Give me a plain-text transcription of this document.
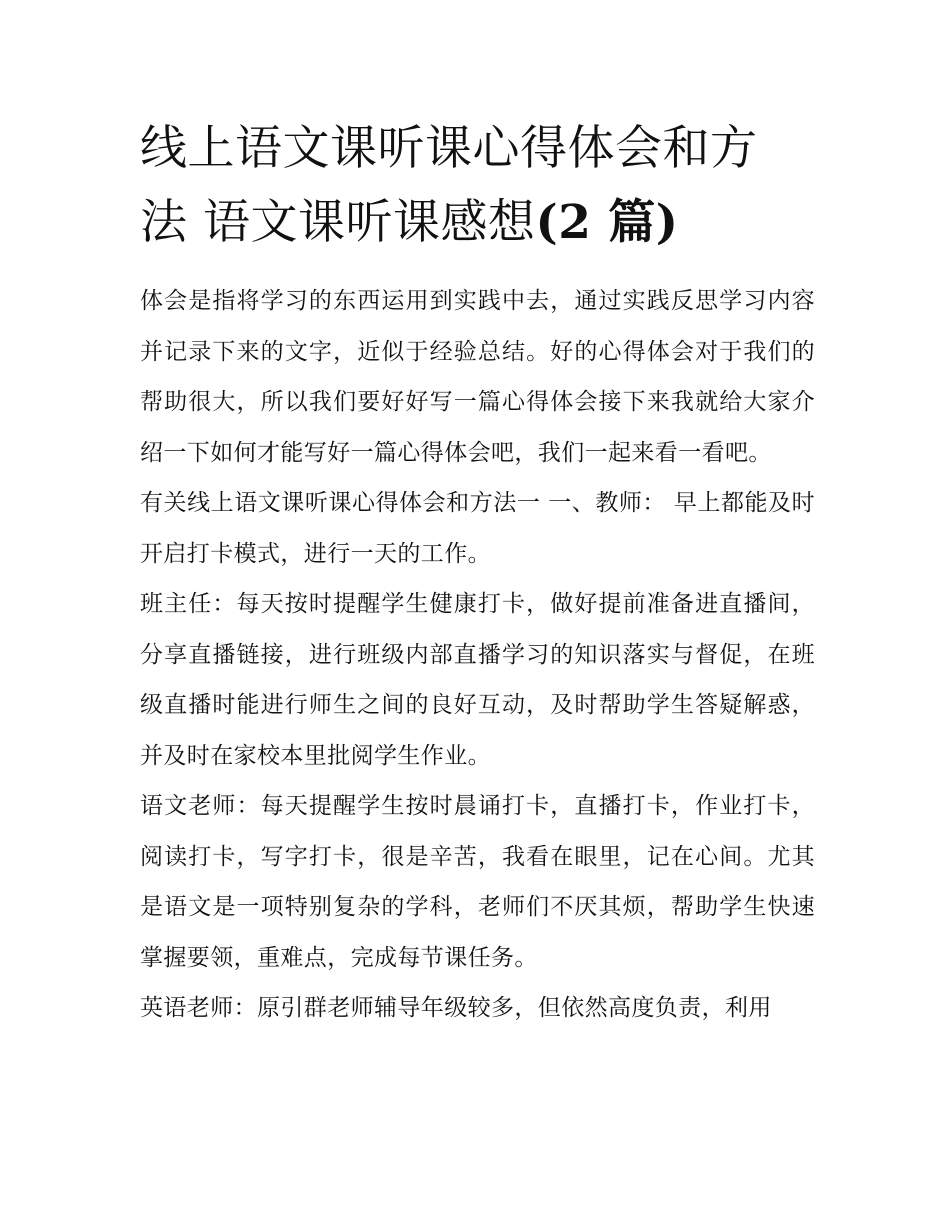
线上语文课听课心得体会和方
法 语文课听课感想(2 篇)

体会是指将学习的东西运用到实践中去，通过实践反思学习内容并记录下来的文字，近似于经验总结。好的心得体会对于我们的帮助很大，所以我们要好好写一篇心得体会接下来我就给大家介绍一下如何才能写好一篇心得体会吧，我们一起来看一看吧。

有关线上语文课听课心得体会和方法一 一、教师： 早上都能及时开启打卡模式，进行一天的工作。

班主任：每天按时提醒学生健康打卡，做好提前准备进直播间，分享直播链接，进行班级内部直播学习的知识落实与督促，在班级直播时能进行师生之间的良好互动，及时帮助学生答疑解惑，并及时在家校本里批阅学生作业。

语文老师：每天提醒学生按时晨诵打卡，直播打卡，作业打卡，阅读打卡，写字打卡，很是辛苦，我看在眼里，记在心间。尤其是语文是一项特别复杂的学科，老师们不厌其烦，帮助学生快速掌握要领，重难点，完成每节课任务。

英语老师：原引群老师辅导年级较多，但依然高度负责，利用
